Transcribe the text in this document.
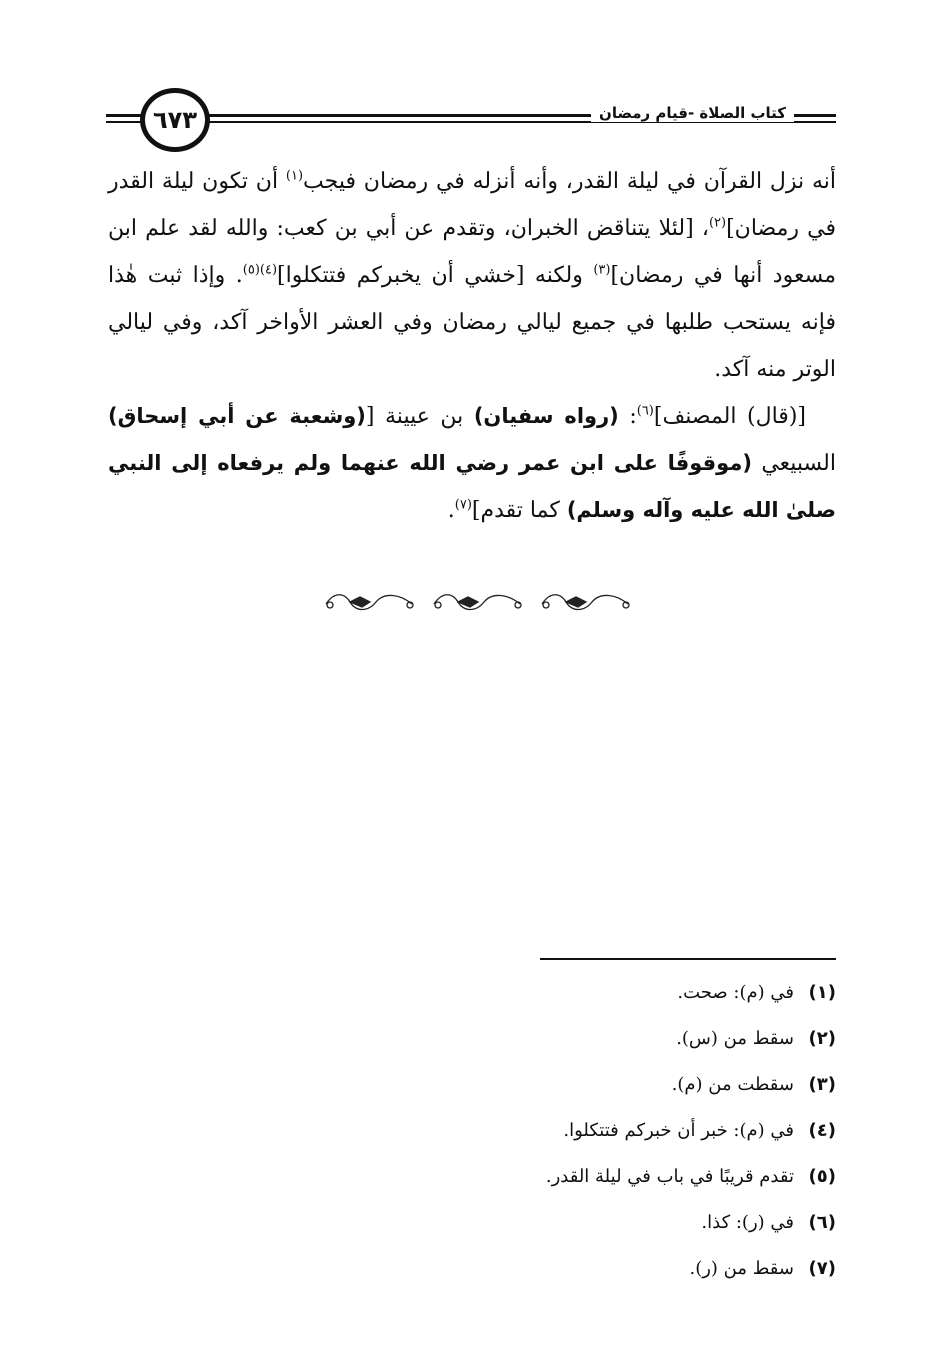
٦٧٣	كتاب الصلاة -قيام رمضان

أنه نزل القرآن في ليلة القدر، وأنه أنزله في رمضان فيجب$^{(١)}$ أن تكون ليلة القدر في رمضان]$^{(٢)}$، [لئلا يتناقض الخبران، وتقدم عن أبي بن كعب: والله لقد علم ابن مسعود أنها في رمضان]$^{(٣)}$ ولكنه [خشي أن يخبركم فتتكلوا]$^{(٤)(٥)}$. وإذا ثبت هٰذا فإنه يستحب طلبها في جميع ليالي رمضان وفي العشر الأواخر آكد، وفي ليالي الوتر منه آكد.

[(قال) المصنف]$^{(٦)}$: (رواه سفيان) بن عيينة [(وشعبة عن أبي إسحاق) السبيعي (موقوفًا على ابن عمر رضي الله عنهما ولم يرفعاه إلى النبي صلىٰ الله عليه وآله وسلم) كما تقدم]$^{(٧)}$.

(١)في (م): صحت.
(٢)سقط من (س).
(٣)سقطت من (م).
(٤)في (م): خبر أن خبركم فتتكلوا.
(٥)تقدم قريبًا في باب في ليلة القدر.
(٦)في (ر): كذا.
(٧)سقط من (ر).
